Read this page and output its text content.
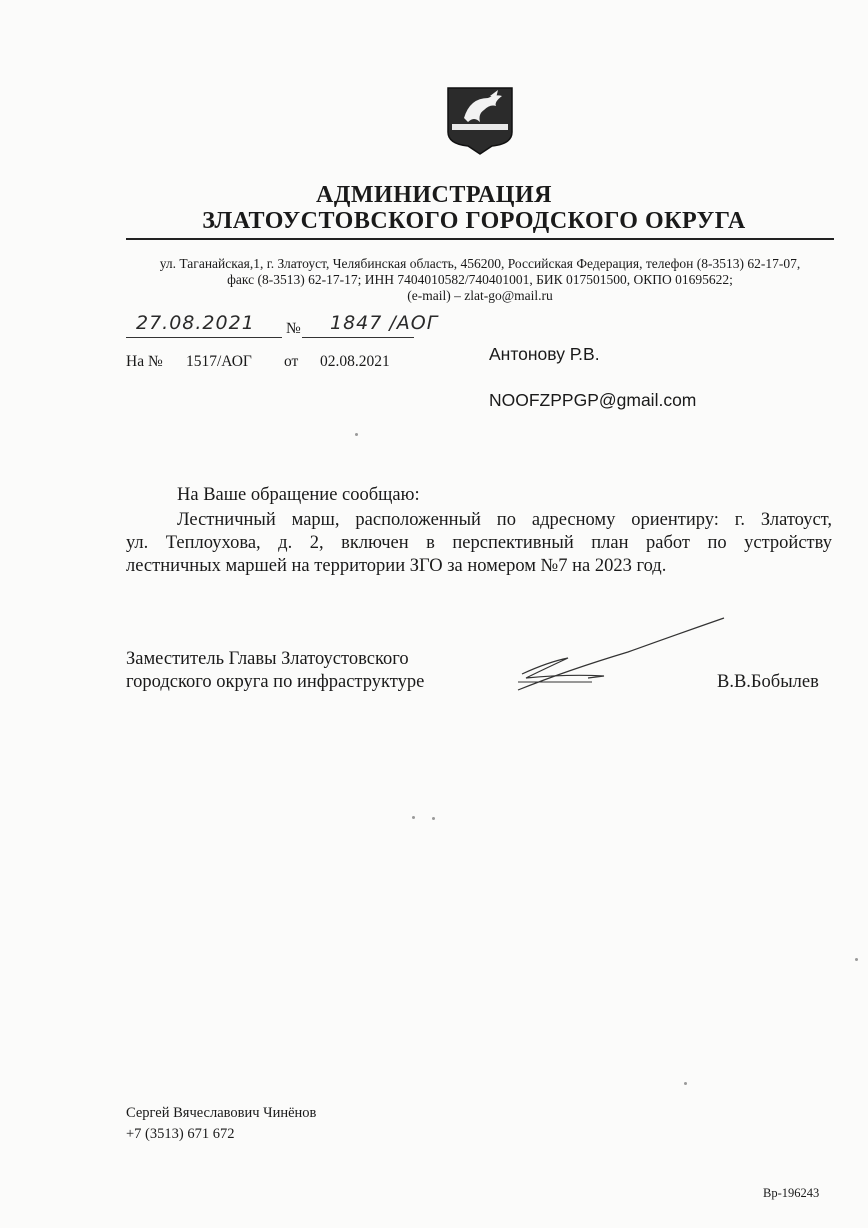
АДМИНИСТРАЦИЯ
ЗЛАТОУСТОВСКОГО ГОРОДСКОГО ОКРУГА
ул. Таганайская,1, г. Златоуст, Челябинская область, 456200, Российская Федерация, телефон (8-3513) 62-17-07,
факс (8-3513) 62-17-17; ИНН 7404010582/740401001, БИК 017501500, ОКПО 01695622;
(e-mail) – zlat-go@mail.ru
27.08.2021 № 1847 /АОГ
На № 1517/АОГ от 02.08.2021	Антонову Р.В.
NOOFZPPGP@gmail.com
На Ваше обращение сообщаю:
Лестничный марш, расположенный по адресному ориентиру: г. Златоуст,
ул. Теплоухова, д. 2, включен в перспективный план работ по устройству
лестничных маршей на территории ЗГО за номером №7 на 2023 год.
Заместитель Главы Златоустовского
городского округа по инфраструктуре	В.В.Бобылев
Сергей Вячеславович Чинёнов
+7 (3513) 671 672
Вр-196243
